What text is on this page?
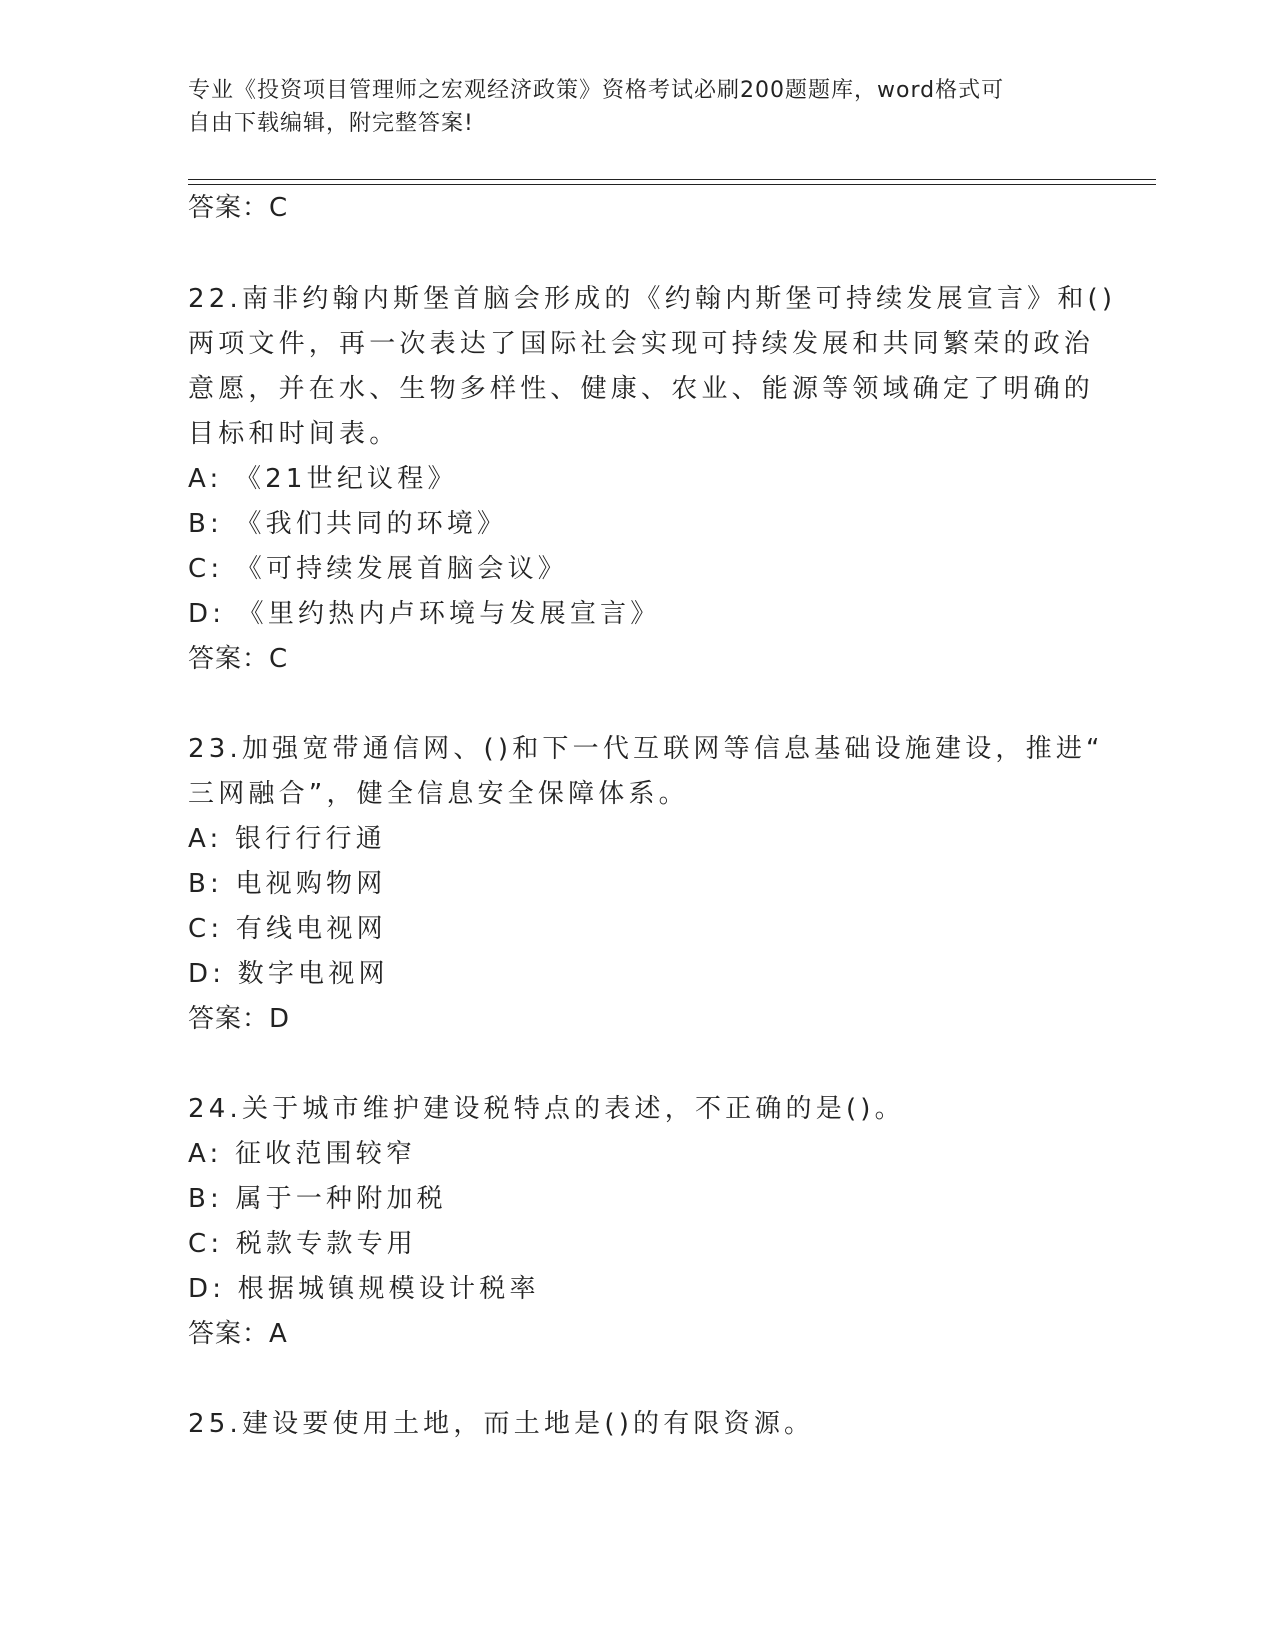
专业《投资项目管理师之宏观经济政策》资格考试必刷200题题库，word格式可
自由下载编辑，附完整答案!
答案：C
22.南非约翰内斯堡首脑会形成的《约翰内斯堡可持续发展宣言》和()
两项文件，再一次表达了国际社会实现可持续发展和共同繁荣的政治
意愿，并在水、生物多样性、健康、农业、能源等领域确定了明确的
目标和时间表。
A: 《21世纪议程》
B: 《我们共同的环境》
C: 《可持续发展首脑会议》
D: 《里约热内卢环境与发展宣言》
答案：C
23.加强宽带通信网、()和下一代互联网等信息基础设施建设，推进“
三网融合”，健全信息安全保障体系。
A: 银行行行通
B: 电视购物网
C: 有线电视网
D: 数字电视网
答案：D
24.关于城市维护建设税特点的表述，不正确的是()。
A: 征收范围较窄
B: 属于一种附加税
C: 税款专款专用
D: 根据城镇规模设计税率
答案：A
25.建设要使用土地，而土地是()的有限资源。
